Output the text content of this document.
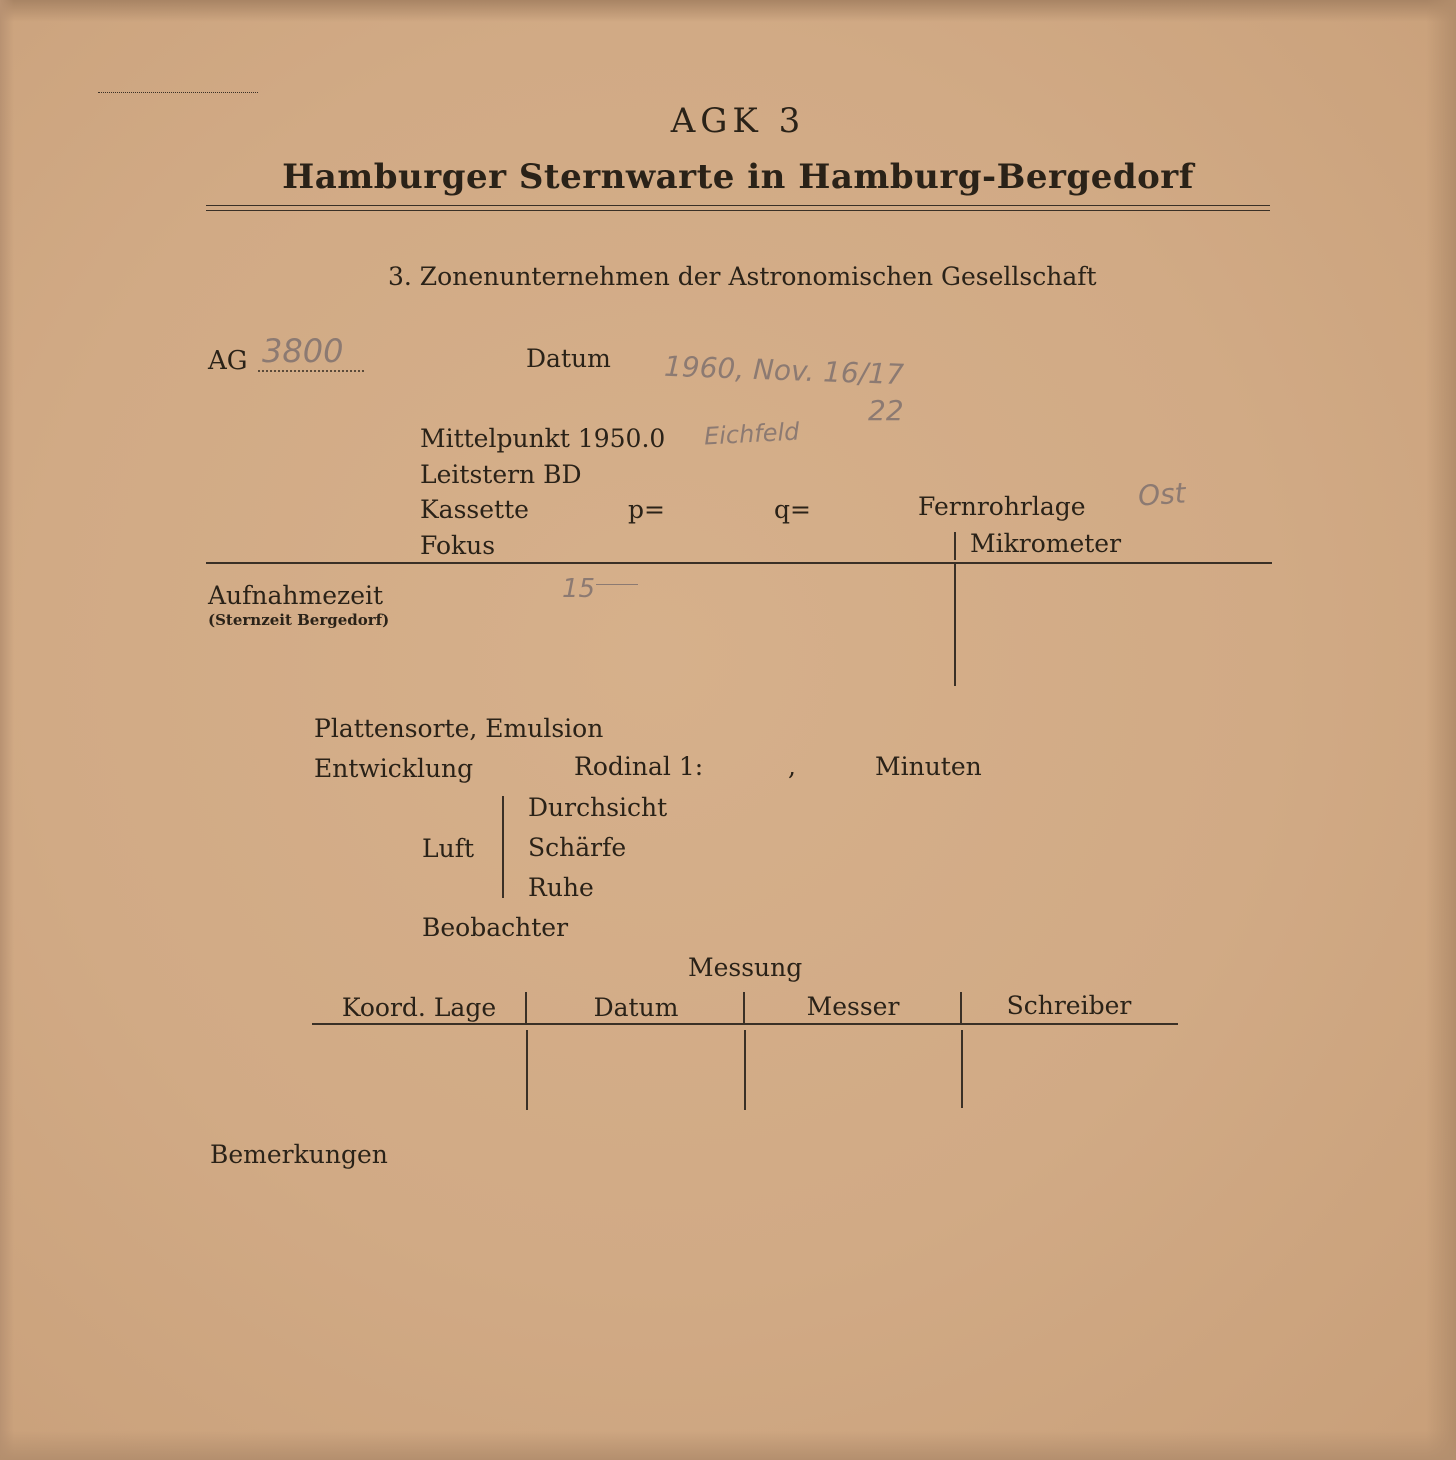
AGK 3
Hamburger Sternwarte in Hamburg-Bergedorf
3. Zonenunternehmen der Astronomischen Gesellschaft
AG 3800	Datum 1960, Nov. 16/17
22
Mittelpunkt 1950.0 Eichfeld
Leitstern BD
Kassette	p=	q=	Fernrohrlage Ost
Fokus	Mikrometer
Aufnahmezeit
(Sternzeit Bergedorf)
15
Plattensorte, Emulsion
Entwicklung	Rodinal 1:	,	Minuten
Luft
Durchsicht
Schärfe
Ruhe
Beobachter
Messung
Koord. Lage	Datum	Messer	Schreiber
Bemerkungen
